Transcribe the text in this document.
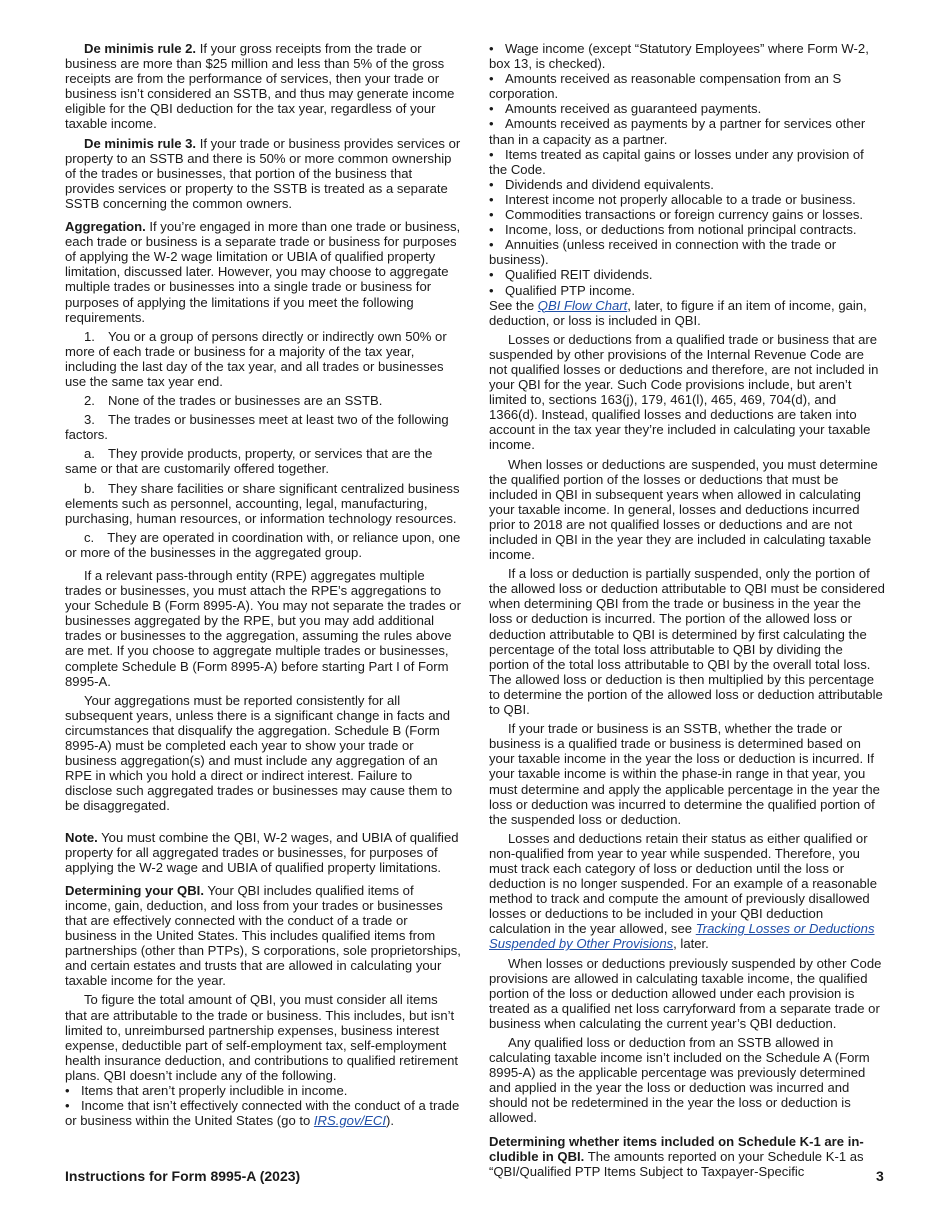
De minimis rule 2. If your gross receipts from the trade or business are more than $25 million and less than 5% of the gross receipts are from the performance of services, then your trade or business isn’t considered an SSTB, and thus may generate income eligible for the QBI deduction for the tax year, regardless of your taxable income.

De minimis rule 3. If your trade or business provides services or property to an SSTB and there is 50% or more common ownership of the trades or businesses, that portion of the business that provides services or property to the SSTB is treated as a separate SSTB concerning the common owners.

Aggregation. If you’re engaged in more than one trade or business, each trade or business is a separate trade or business for purposes of applying the W-2 wage limitation or UBIA of qualified property limitation, discussed later. However, you may choose to aggregate multiple trades or businesses into a single trade or business for purposes of applying the limitations if you meet the following requirements.

1. You or a group of persons directly or indirectly own 50% or more of each trade or business for a majority of the tax year, including the last day of the tax year, and all trades or businesses use the same tax year end.

2. None of the trades or businesses are an SSTB.

3. The trades or businesses meet at least two of the following factors.

a. They provide products, property, or services that are the same or that are customarily offered together.

b. They share facilities or share significant centralized business elements such as personnel, accounting, legal, manufacturing, purchasing, human resources, or information technology resources.

c. They are operated in coordination with, or reliance upon, one or more of the businesses in the aggregated group.

If a relevant pass-through entity (RPE) aggregates multiple trades or businesses, you must attach the RPE’s aggregations to your Schedule B (Form 8995-A). You may not separate the trades or businesses aggregated by the RPE, but you may add additional trades or businesses to the aggregation, assuming the rules above are met. If you choose to aggregate multiple trades or businesses, complete Schedule B (Form 8995-A) before starting Part I of Form 8995-A.

Your aggregations must be reported consistently for all subsequent years, unless there is a significant change in facts and circumstances that disqualify the aggregation. Schedule B (Form 8995-A) must be completed each year to show your trade or business aggregation(s) and must include any aggregation of an RPE in which you hold a direct or indirect interest. Failure to disclose such aggregated trades or businesses may cause them to be disaggregated.

Note. You must combine the QBI, W-2 wages, and UBIA of qualified property for all aggregated trades or businesses, for purposes of applying the W-2 wage and UBIA of qualified property limitations.

Determining your QBI. Your QBI includes qualified items of income, gain, deduction, and loss from your trades or businesses that are effectively connected with the conduct of a trade or business in the United States. This includes qualified items from partnerships (other than PTPs), S corporations, sole proprietorships, and certain estates and trusts that are allowed in calculating your taxable income for the year.

To figure the total amount of QBI, you must consider all items that are attributable to the trade or business. This includes, but isn’t limited to, unreimbursed partnership expenses, business interest expense, deductible part of self-employment tax, self-employment health insurance deduction, and contributions to qualified retirement plans. QBI doesn’t include any of the following.

• Items that aren’t properly includible in income.
• Income that isn’t effectively connected with the conduct of a trade or business within the United States (go to IRS.gov/ECI).
• Wage income (except “Statutory Employees” where Form W-2, box 13, is checked).
• Amounts received as reasonable compensation from an S corporation.
• Amounts received as guaranteed payments.
• Amounts received as payments by a partner for services other than in a capacity as a partner.
• Items treated as capital gains or losses under any provision of the Code.
• Dividends and dividend equivalents.
• Interest income not properly allocable to a trade or business.
• Commodities transactions or foreign currency gains or losses.
• Income, loss, or deductions from notional principal contracts.
• Annuities (unless received in connection with the trade or business).
• Qualified REIT dividends.
• Qualified PTP income.

See the QBI Flow Chart, later, to figure if an item of income, gain, deduction, or loss is included in QBI.

Losses or deductions from a qualified trade or business that are suspended by other provisions of the Internal Revenue Code are not qualified losses or deductions and therefore, are not included in your QBI for the year. Such Code provisions include, but aren’t limited to, sections 163(j), 179, 461(l), 465, 469, 704(d), and 1366(d). Instead, qualified losses and deductions are taken into account in the tax year they’re included in calculating your taxable income.

When losses or deductions are suspended, you must determine the qualified portion of the losses or deductions that must be included in QBI in subsequent years when allowed in calculating your taxable income. In general, losses and deductions incurred prior to 2018 are not qualified losses or deductions and are not included in QBI in the year they are included in calculating taxable income.

If a loss or deduction is partially suspended, only the portion of the allowed loss or deduction attributable to QBI must be considered when determining QBI from the trade or business in the year the loss or deduction is incurred. The portion of the allowed loss or deduction attributable to QBI is determined by first calculating the percentage of the total loss attributable to QBI by dividing the portion of the total loss attributable to QBI by the overall total loss. The allowed loss or deduction is then multiplied by this percentage to determine the portion of the allowed loss or deduction attributable to QBI.

If your trade or business is an SSTB, whether the trade or business is a qualified trade or business is determined based on your taxable income in the year the loss or deduction is incurred. If your taxable income is within the phase-in range in that year, you must determine and apply the applicable percentage in the year the loss or deduction was incurred to determine the qualified portion of the suspended loss or deduction.

Losses and deductions retain their status as either qualified or non-qualified from year to year while suspended. Therefore, you must track each category of loss or deduction until the loss or deduction is no longer suspended. For an example of a reasonable method to track and compute the amount of previously disallowed losses or deductions to be included in your QBI deduction calculation in the year allowed, see Tracking Losses or Deductions Suspended by Other Provisions, later.

When losses or deductions previously suspended by other Code provisions are allowed in calculating taxable income, the qualified portion of the loss or deduction allowed under each provision is treated as a qualified net loss carryforward from a separate trade or business when calculating the current year’s QBI deduction.

Any qualified loss or deduction from an SSTB allowed in calculating taxable income isn’t included on the Schedule A (Form 8995-A) as the applicable percentage was previously determined and applied in the year the loss or deduction was incurred and should not be redetermined in the year the loss or deduction is allowed.

Determining whether items included on Schedule K-1 are includible in QBI. The amounts reported on your Schedule K-1 as “QBI/Qualified PTP Items Subject to Taxpayer-Specific

Instructions for Form 8995-A (2023)	3
